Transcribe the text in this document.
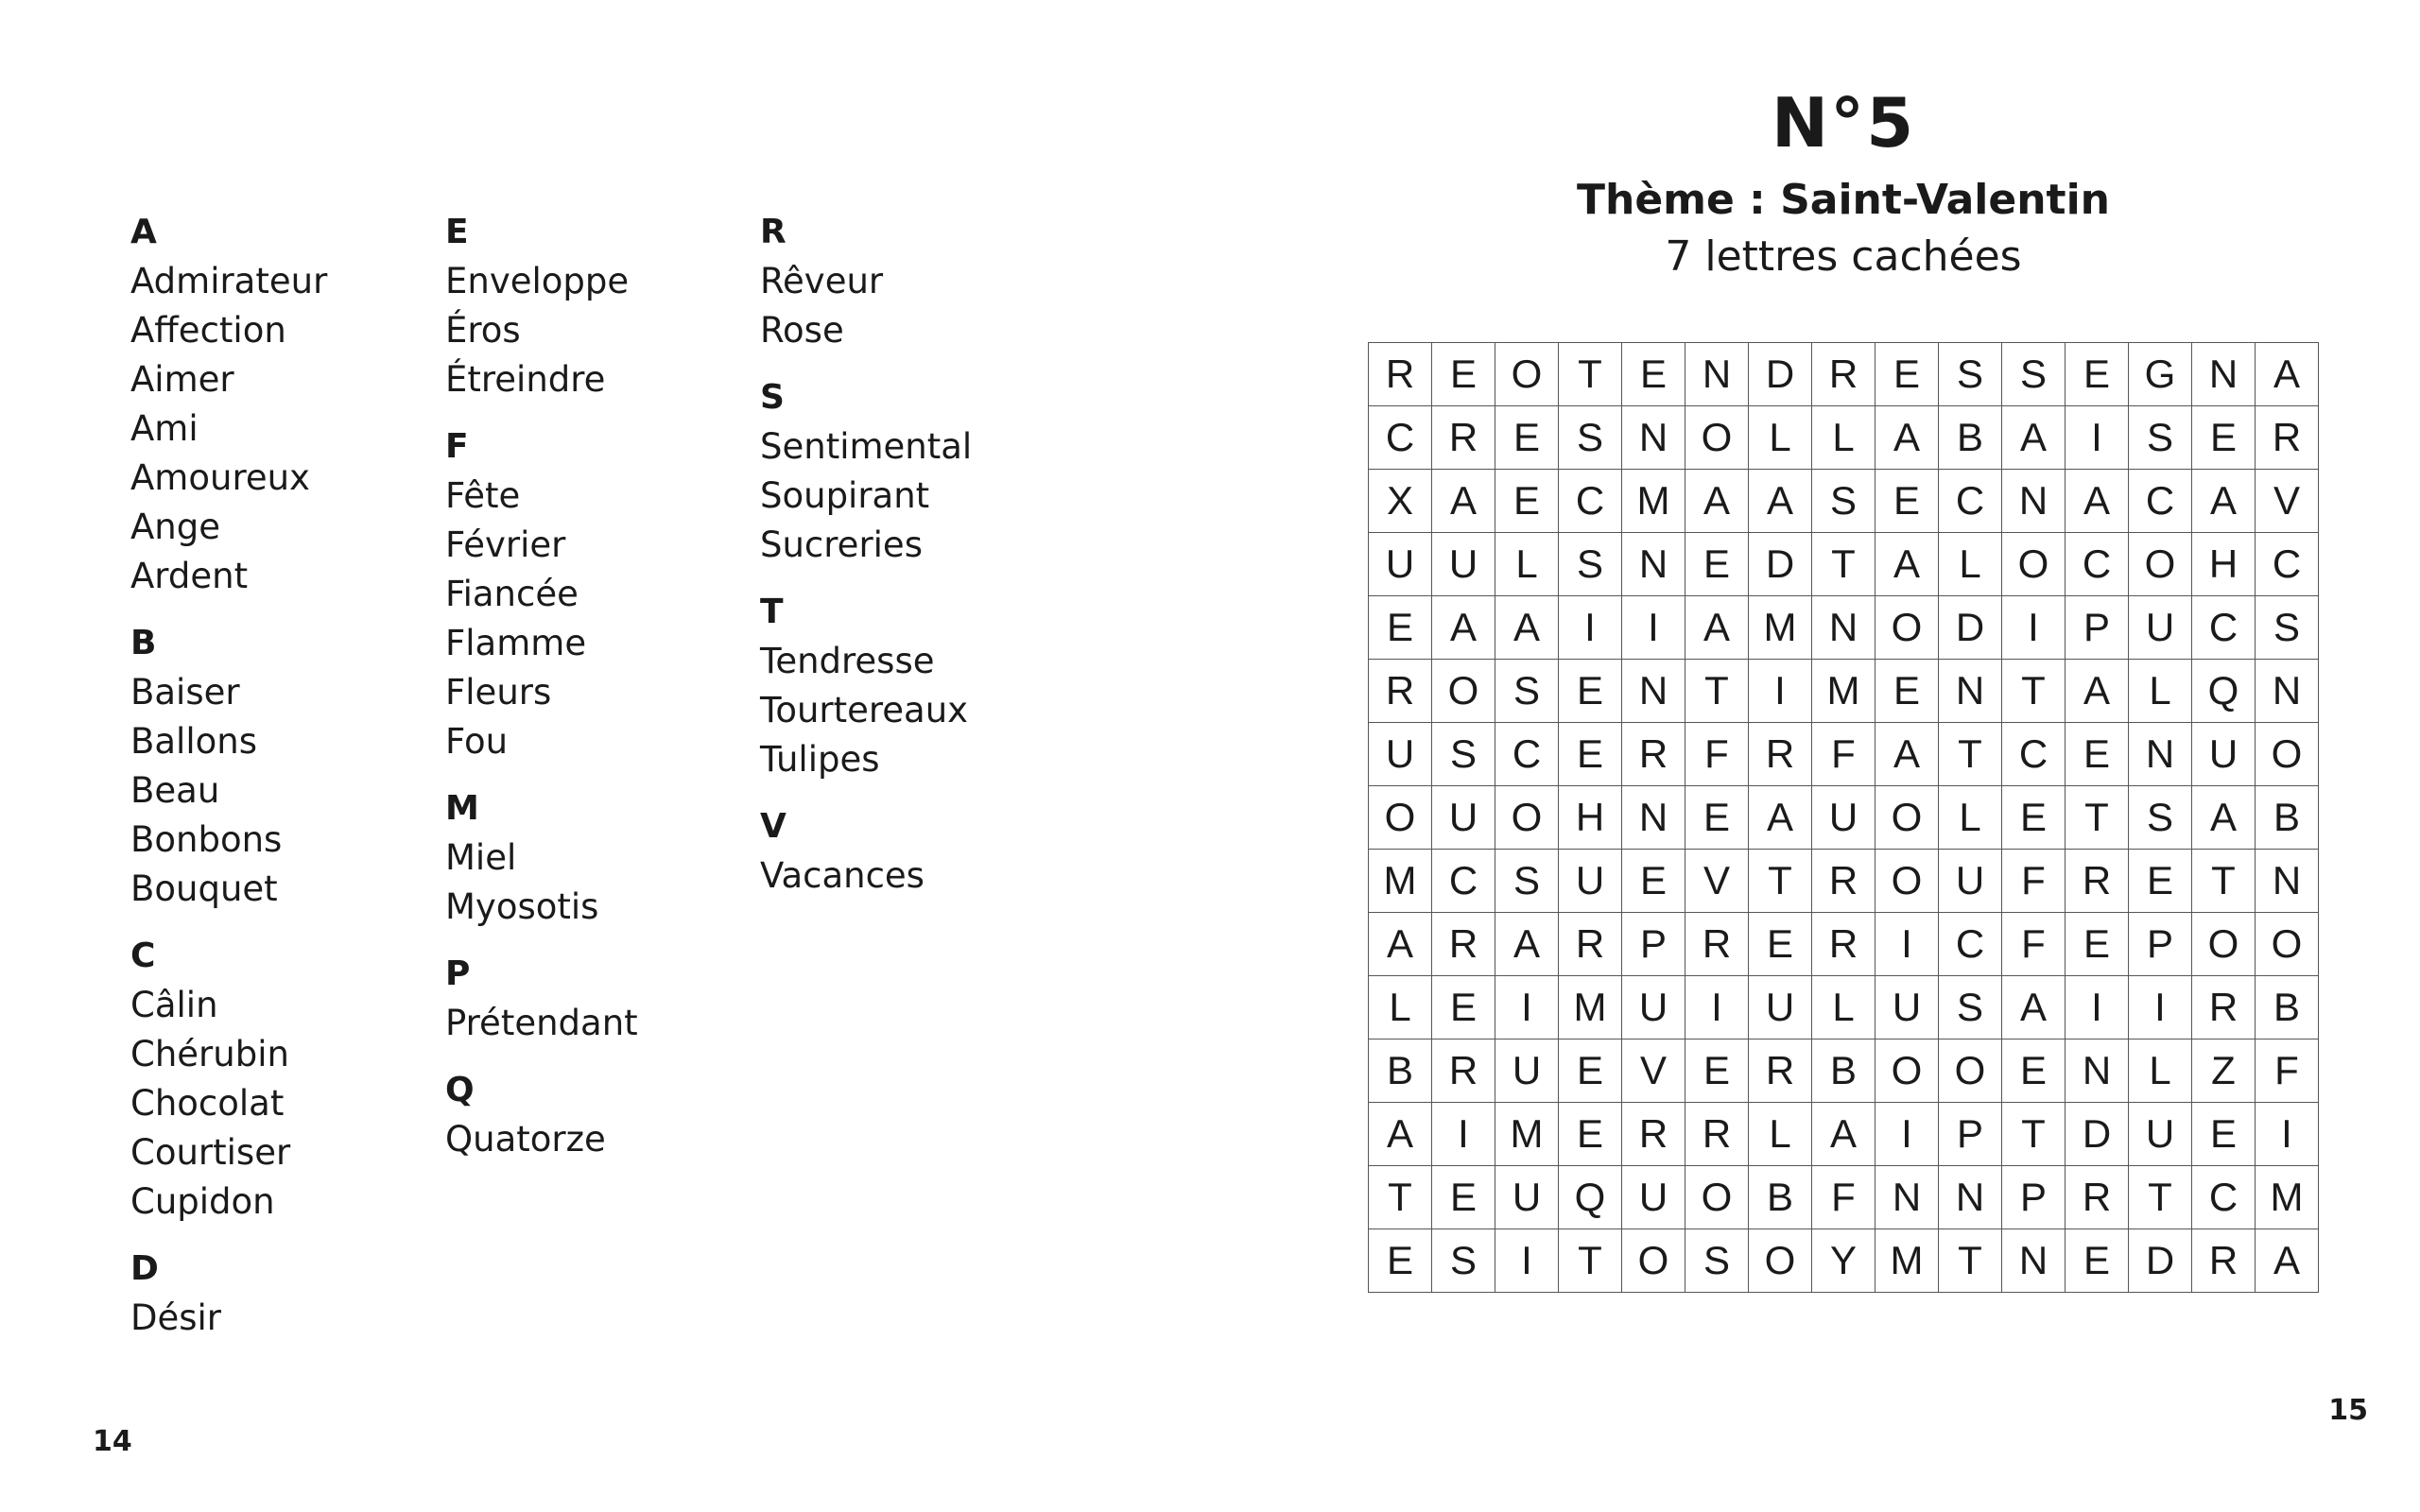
A
Admirateur
Affection
Aimer
Ami
Amoureux
Ange
Ardent
B
Baiser
Ballons
Beau
Bonbons
Bouquet
C
Câlin
Chérubin
Chocolat
Courtiser
Cupidon
D
Désir
E
Enveloppe
Éros
Étreindre
F
Fête
Février
Fiancée
Flamme
Fleurs
Fou
M
Miel
Myosotis
P
Prétendant
Q
Quatorze
R
Rêveur
Rose
S
Sentimental
Soupirant
Sucreries
T
Tendresse
Tourtereaux
Tulipes
V
Vacances
14
N°5
Thème : Saint-Valentin
7 lettres cachées
R	E	O	T	E	N	D	R	E	S	S	E	G	N	A
C	R	E	S	N	O	L	L	A	B	A	I	S	E	R
X	A	E	C	M	A	A	S	E	C	N	A	C	A	V
U	U	L	S	N	E	D	T	A	L	O	C	O	H	C
E	A	A	I	I	A	M	N	O	D	I	P	U	C	S
R	O	S	E	N	T	I	M	E	N	T	A	L	Q	N
U	S	C	E	R	F	R	F	A	T	C	E	N	U	O
O	U	O	H	N	E	A	U	O	L	E	T	S	A	B
M	C	S	U	E	V	T	R	O	U	F	R	E	T	N
A	R	A	R	P	R	E	R	I	C	F	E	P	O	O
L	E	I	M	U	I	U	L	U	S	A	I	I	R	B
B	R	U	E	V	E	R	B	O	O	E	N	L	Z	F
A	I	M	E	R	R	L	A	I	P	T	D	U	E	I
T	E	U	Q	U	O	B	F	N	N	P	R	T	C	M
E	S	I	T	O	S	O	Y	M	T	N	E	D	R	A
15
